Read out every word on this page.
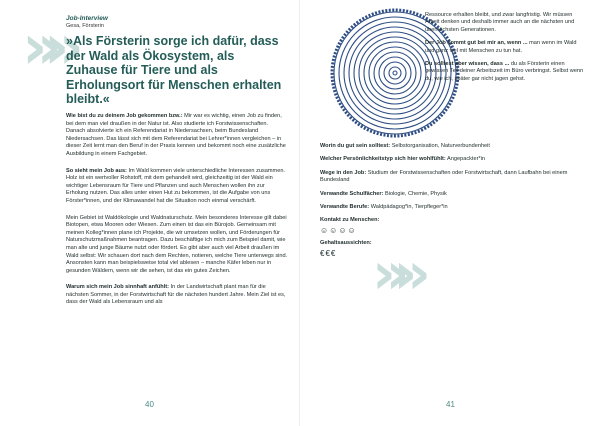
»» Job-Interview
Gesa, Försterin
»Als Försterin sorge ich dafür, dass der Wald als Ökosystem, als Zuhause für Tiere und als Erholungsort für Menschen erhalten bleibt.«

Wie bist du zu deinem Job gekommen bzw.: Mir war es wichtig, einen Job zu finden, bei dem man viel draußen in der Natur ist. Also studierte ich Forstwissenschaften. Danach absolvierte ich ein Referendariat in Niedersachsen, beim Bundesland Niedersachsen. Das lässt sich mit dem Referendariat bei Lehrer*innen vergleichen – in dieser Zeit lernt man den Beruf in der Praxis kennen und bekommt noch eine zusätzliche Ausbildung in einem Fachgebiet.

So sieht mein Job aus: Im Wald kommen viele unterschiedliche Interessen zusammen. Holz ist ein wertvoller Rohstoff, mit dem gehandelt wird, gleichzeitig ist der Wald ein wichtiger Lebensraum für Tiere und Pflanzen und auch Menschen wollen ihn zur Erholung nutzen. Das alles unter einen Hut zu bekommen, ist die Aufgabe von uns Förster*innen, und der Klimawandel hat die Situation noch einmal verschärft.

Mein Gebiet ist Waldökologie und Waldnaturschutz. Mein besonderes Interesse gilt dabei Biotopen, etwa Mooren oder Wiesen. Zum einen ist das ein Bürojob. Gemeinsam mit meinen Kolleg*innen plane ich Projekte, die wir umsetzen wollen, und Förderungen für Naturschutzmaßnahmen beantragen. Dazu beschäftige ich mich zum Beispiel damit, wie man alte und junge Bäume nutzt oder fördert. Es gibt aber auch viel Arbeit draußen im Wald selbst: Wir schauen dort nach dem Rechten, notieren, welche Tiere unterwegs sind. Ansonsten kann man beispielsweise total viel ablesen – manche Käfer leben nur in gesunden Wäldern, wenn wir die sehen, ist das ein gutes Zeichen.

Warum sich mein Job sinnhaft anfühlt: In der Landwirtschaft plant man für die nächsten Sommer, in der Forstwirtschaft für die nächsten hundert Jahre. Mein Ziel ist es, dass der Wald als Lebensraum und als

40

Ressource erhalten bleibt, und zwar langfristig. Wir müssen Arbeit denken und deshalb immer auch an die nächsten und übernächsten Generationen.

Der Job kommt gut bei mir an, wenn ... man wenn im Wald und ganz viel mit Menschen zu tun hat.

Du solltest aber wissen, dass ... du als Försterin einen gewissen Teil deiner Arbeitszeit im Büro verbringst. Selbst wenn du, wie ich, später gar nicht jagen gehst.

»»
Worin du gut sein solltest: Selbstorganisation, Naturverbundenheit
Welcher Persönlichkeitstyp sich hier wohlfühlt: Angepackter*in
Wege in den Job: Studium der Forstwissenschaften oder Forstwirtschaft, dann Laufbahn bei einem Bundesland
Verwandte Schulfächer: Biologie, Chemie, Physik
Verwandte Berufe: Waldpädagog*in, Tierpfleger*in
Kontakt zu Menschen:
☺☺☺☺
Gehaltsaussichten:
€€€
41
